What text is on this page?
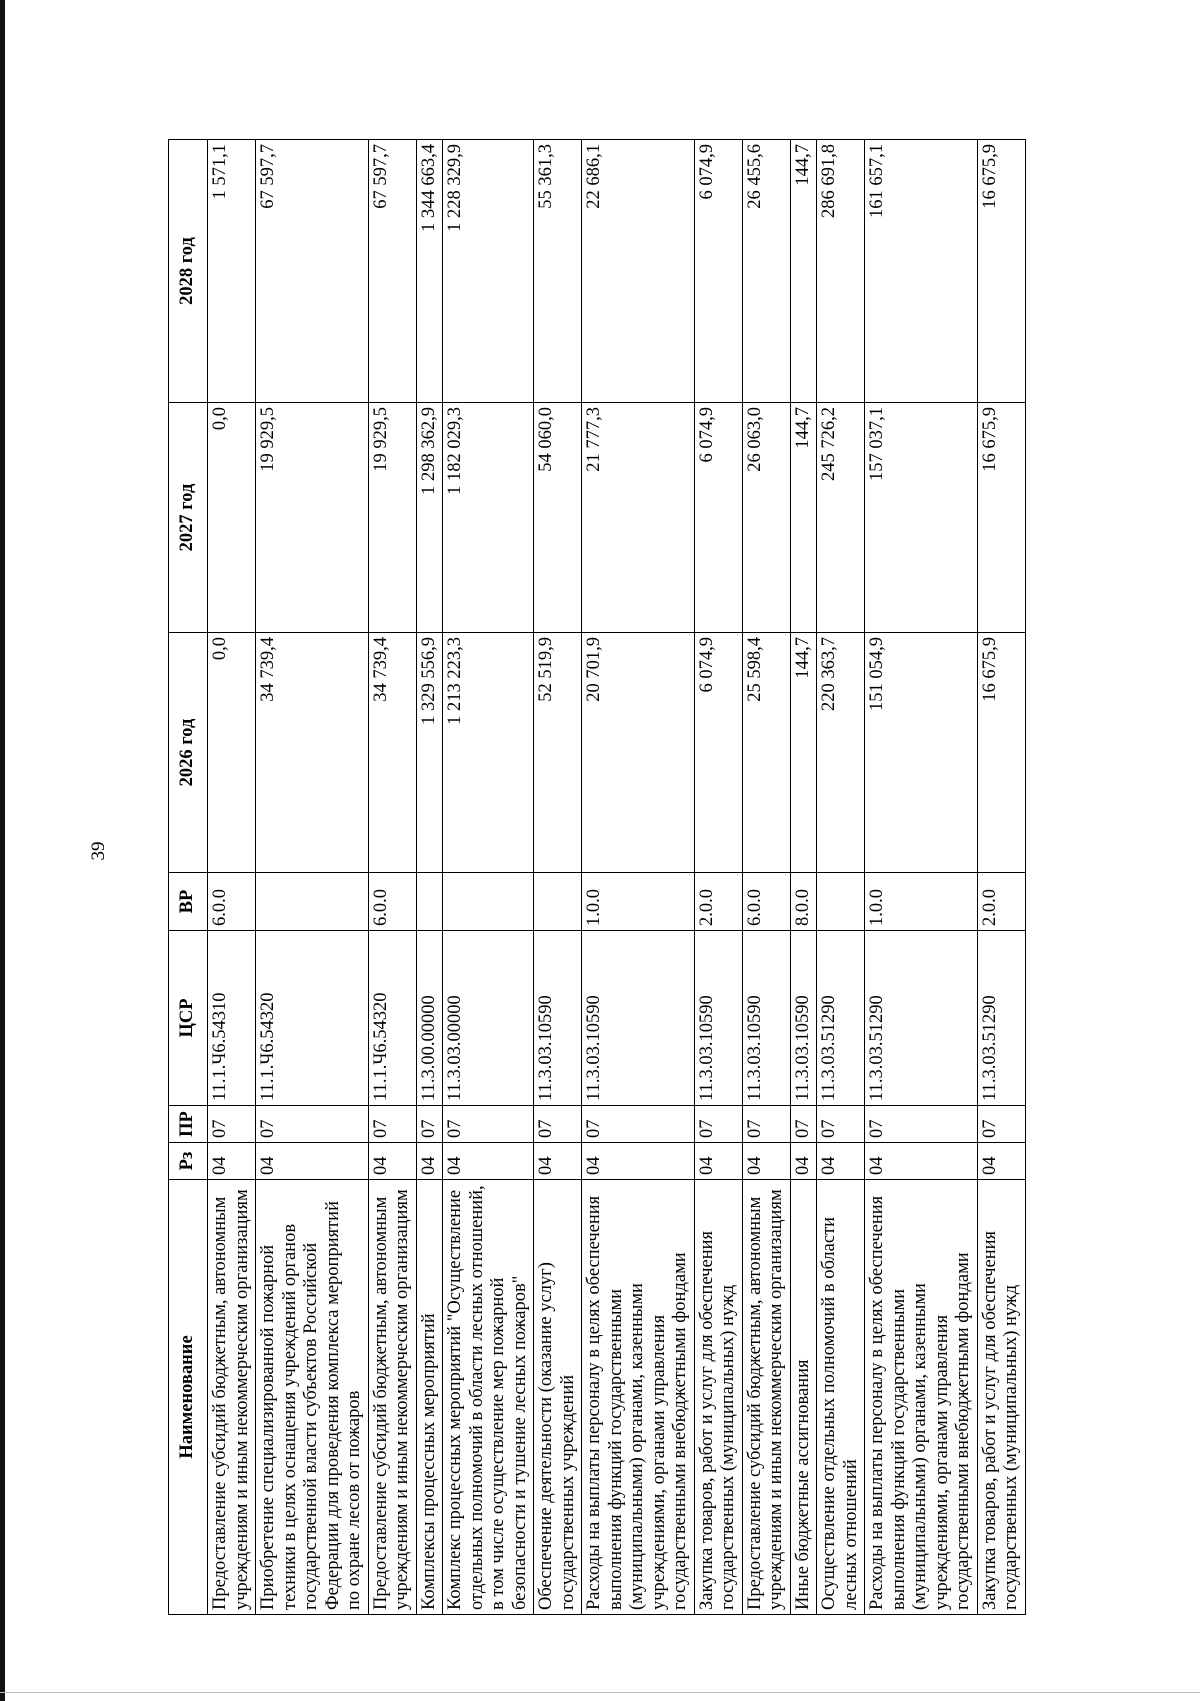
39
Наименование	Рз	ПР	ЦСР	ВР	2026 год	2027 год	2028 год
Предоставление субсидий бюджетным, автономным учреждениям и иным некоммерческим организациям	04	07	11.1.Ч6.54310	6.0.0	0,0	0,0	1 571,1
Приобретение специализированной пожарной техники в целях оснащения учреждений органов государственной власти субъектов Российской Федерации для проведения комплекса мероприятий по охране лесов от пожаров	04	07	11.1.Ч6.54320		34 739,4	19 929,5	67 597,7
Предоставление субсидий бюджетным, автономным учреждениям и иным некоммерческим организациям	04	07	11.1.Ч6.54320	6.0.0	34 739,4	19 929,5	67 597,7
Комплексы процессных мероприятий	04	07	11.3.00.00000		1 329 556,9	1 298 362,9	1 344 663,4
Комплекс процессных мероприятий "Осуществление отдельных полномочий в области лесных отношений, в том числе осуществление мер пожарной безопасности и тушение лесных пожаров"	04	07	11.3.03.00000		1 213 223,3	1 182 029,3	1 228 329,9
Обеспечение деятельности (оказание услуг) государственных учреждений	04	07	11.3.03.10590		52 519,9	54 060,0	55 361,3
Расходы на выплаты персоналу в целях обеспечения выполнения функций государственными (муниципальными) органами, казенными учреждениями, органами управления государственными внебюджетными фондами	04	07	11.3.03.10590	1.0.0	20 701,9	21 777,3	22 686,1
Закупка товаров, работ и услуг для обеспечения государственных (муниципальных) нужд	04	07	11.3.03.10590	2.0.0	6 074,9	6 074,9	6 074,9
Предоставление субсидий бюджетным, автономным учреждениям и иным некоммерческим организациям	04	07	11.3.03.10590	6.0.0	25 598,4	26 063,0	26 455,6
Иные бюджетные ассигнования	04	07	11.3.03.10590	8.0.0	144,7	144,7	144,7
Осуществление отдельных полномочий в области лесных отношений	04	07	11.3.03.51290		220 363,7	245 726,2	286 691,8
Расходы на выплаты персоналу в целях обеспечения выполнения функций государственными (муниципальными) органами, казенными учреждениями, органами управления государственными внебюджетными фондами	04	07	11.3.03.51290	1.0.0	151 054,9	157 037,1	161 657,1
Закупка товаров, работ и услуг для обеспечения государственных (муниципальных) нужд	04	07	11.3.03.51290	2.0.0	16 675,9	16 675,9	16 675,9
